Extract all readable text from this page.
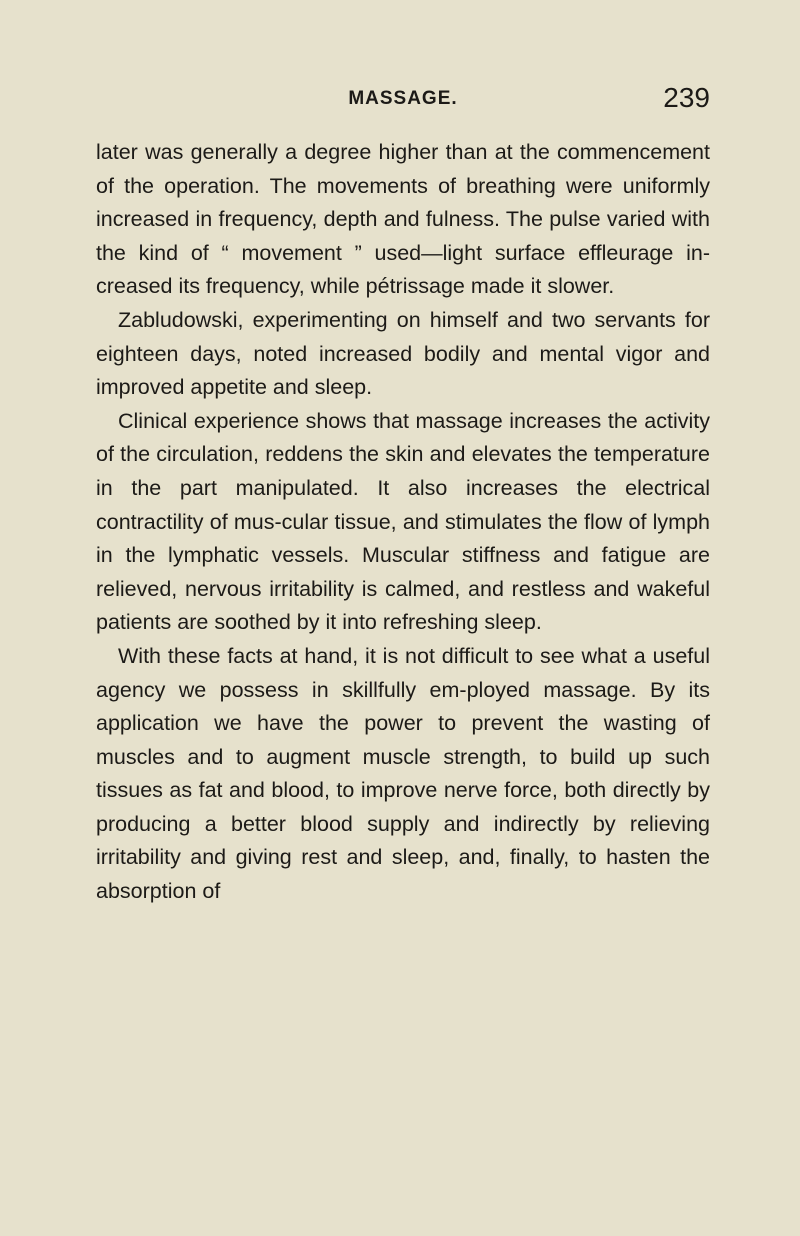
MASSAGE.	239

later was generally a degree higher than at the commencement of the operation. The movements of breathing were uniformly increased in frequency, depth and fulness. The pulse varied with the kind of “ movement ” used—light surface effleurage in-creased its frequency, while pétrissage made it slower.

Zabludowski, experimenting on himself and two servants for eighteen days, noted increased bodily and mental vigor and improved appetite and sleep.

Clinical experience shows that massage increases the activity of the circulation, reddens the skin and elevates the temperature in the part manipulated. It also increases the electrical contractility of mus-cular tissue, and stimulates the flow of lymph in the lymphatic vessels. Muscular stiffness and fatigue are relieved, nervous irritability is calmed, and restless and wakeful patients are soothed by it into refreshing sleep.

With these facts at hand, it is not difficult to see what a useful agency we possess in skillfully em-ployed massage. By its application we have the power to prevent the wasting of muscles and to augment muscle strength, to build up such tissues as fat and blood, to improve nerve force, both directly by producing a better blood supply and indirectly by relieving irritability and giving rest and sleep, and, finally, to hasten the absorption of
